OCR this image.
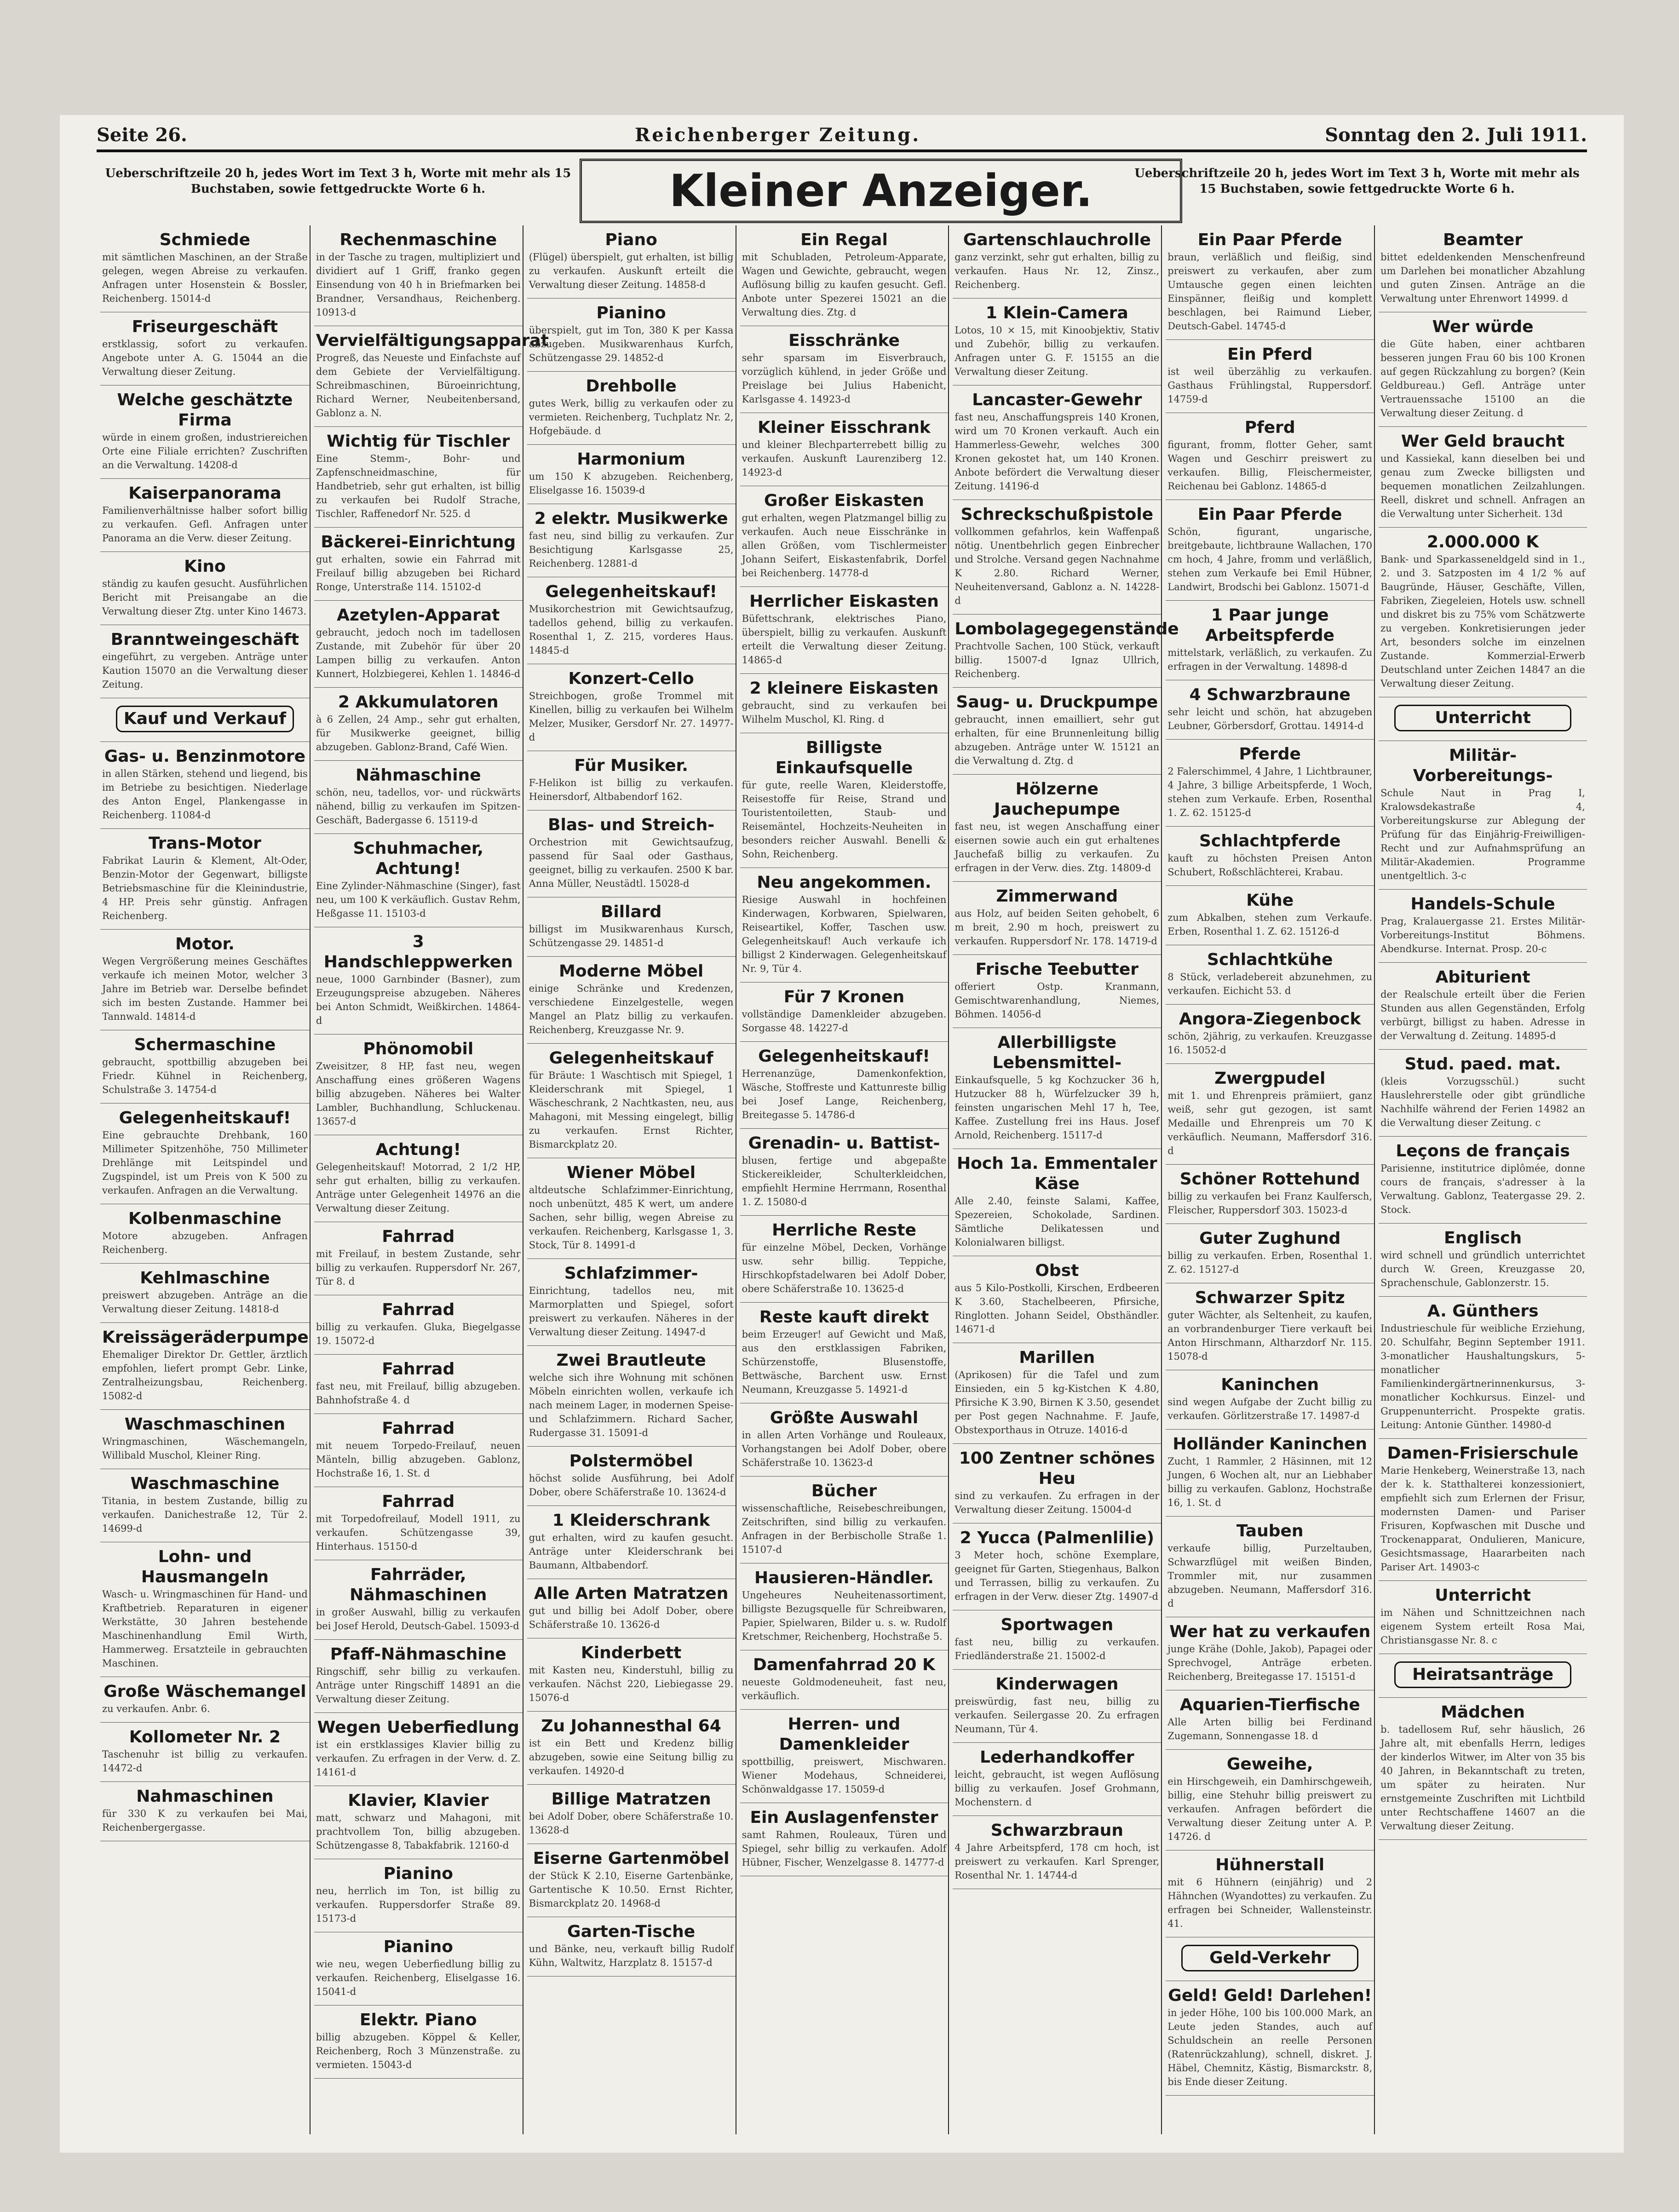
Seite 26.	Reichenberger Zeitung.	Sonntag den 2. Juli 1911.
Ueberschriftzeile 20 h, jedes Wort im Text 3 h, Worte mit mehr als 15 Buchstaben, sowie fettgedruckte Worte 6 h.	Kleiner Anzeiger.	Ueberschriftzeile 20 h, jedes Wort im Text 3 h, Worte mit mehr als 15 Buchstaben, sowie fettgedruckte Worte 6 h.
Schmiede
mit sämtlichen Maschinen, an der Straße gelegen, wegen Abreise zu verkaufen. Anfragen unter Hosenstein & Bossler, Reichenberg. 15014-d
Friseurgeschäft
erstklassig, sofort zu verkaufen. Angebote unter A. G. 15044 an die Verwaltung dieser Zeitung.
Welche geschätzte Firma
würde in einem großen, industriereichen Orte eine Filiale errichten? Zuschriften an die Verwaltung. 14208-d
Kaiserpanorama
Familienverhältnisse halber sofort billig zu verkaufen. Gefl. Anfragen unter Panorama an die Verw. dieser Zeitung.
Kino
ständig zu kaufen gesucht. Ausführlichen Bericht mit Preisangabe an die Verwaltung dieser Ztg. unter Kino 14673.
Branntweingeschäft
eingeführt, zu vergeben. Anträge unter Kaution 15070 an die Verwaltung dieser Zeitung.
Kauf und Verkauf
Gas- u. Benzinmotore
in allen Stärken, stehend und liegend, bis im Betriebe zu besichtigen. Niederlage des Anton Engel, Plankengasse in Reichenberg. 11084-d
Trans-Motor
Fabrikat Laurin & Klement, Alt-Oder, Benzin-Motor der Gegenwart, billigste Betriebsmaschine für die Kleinindustrie, 4 HP. Preis sehr günstig. Anfragen Reichenberg.
Motor.
Wegen Vergrößerung meines Geschäftes verkaufe ich meinen Motor, welcher 3 Jahre im Betrieb war. Derselbe befindet sich im besten Zustande. Hammer bei Tannwald. 14814-d
Schermaschine
gebraucht, spottbillig abzugeben bei Friedr. Kühnel in Reichenberg, Schulstraße 3. 14754-d
Gelegenheitskauf!
Eine gebrauchte Drehbank, 160 Millimeter Spitzenhöhe, 750 Millimeter Drehlänge mit Leitspindel und Zugspindel, ist um Preis von K 500 zu verkaufen. Anfragen an die Verwaltung.
Kolbenmaschine
Motore abzugeben. Anfragen Reichenberg.
Kehlmaschine
preiswert abzugeben. Anträge an die Verwaltung dieser Zeitung. 14818-d
Kreissägeräderpumpe
Ehemaliger Direktor Dr. Gettler, ärztlich empfohlen, liefert prompt Gebr. Linke, Zentralheizungsbau, Reichenberg. 15082-d
Waschmaschinen
Wringmaschinen, Wäschemangeln, Willibald Muschol, Kleiner Ring.
Waschmaschine
Titania, in bestem Zustande, billig zu verkaufen. Danichestraße 12, Tür 2. 14699-d
Lohn- und Hausmangeln
Wasch- u. Wringmaschinen für Hand- und Kraftbetrieb. Reparaturen in eigener Werkstätte, 30 Jahren bestehende Maschinenhandlung Emil Wirth, Hammerweg. Ersatzteile in gebrauchten Maschinen.
Große Wäschemangel
zu verkaufen. Anbr. 6.
Kollometer Nr. 2
Taschenuhr ist billig zu verkaufen. 14472-d
Nahmaschinen
für 330 K zu verkaufen bei Mai, Reichenbergergasse.
Rechenmaschine
in der Tasche zu tragen, multipliziert und dividiert auf 1 Griff, franko gegen Einsendung von 40 h in Briefmarken bei Brandner, Versandhaus, Reichenberg. 10913-d
Vervielfältigungsapparat
Progreß, das Neueste und Einfachste auf dem Gebiete der Vervielfältigung. Schreibmaschinen, Büroeinrichtung, Richard Werner, Neubeitenbersand, Gablonz a. N.
Wichtig für Tischler
Eine Stemm-, Bohr- und Zapfenschneidmaschine, für Handbetrieb, sehr gut erhalten, ist billig zu verkaufen bei Rudolf Strache, Tischler, Raffenedorf Nr. 525. d
Bäckerei-Einrichtung
gut erhalten, sowie ein Fahrrad mit Freilauf billig abzugeben bei Richard Ronge, Unterstraße 114. 15102-d
Azetylen-Apparat
gebraucht, jedoch noch im tadellosen Zustande, mit Zubehör für über 20 Lampen billig zu verkaufen. Anton Kunnert, Holzbiegerei, Kehlen 1. 14846-d
2 Akkumulatoren
à 6 Zellen, 24 Amp., sehr gut erhalten, für Musikwerke geeignet, billig abzugeben. Gablonz-Brand, Café Wien.
Nähmaschine
schön, neu, tadellos, vor- und rückwärts nähend, billig zu verkaufen im Spitzen-Geschäft, Badergasse 6. 15119-d
Schuhmacher, Achtung!
Eine Zylinder-Nähmaschine (Singer), fast neu, um 100 K verkäuflich. Gustav Rehm, Heßgasse 11. 15103-d
3 Handschleppwerken
neue, 1000 Garnbinder (Basner), zum Erzeugungspreise abzugeben. Näheres bei Anton Schmidt, Weißkirchen. 14864-d
Phönomobil
Zweisitzer, 8 HP, fast neu, wegen Anschaffung eines größeren Wagens billig abzugeben. Näheres bei Walter Lambler, Buchhandlung, Schluckenau. 13657-d
Achtung!
Gelegenheitskauf! Motorrad, 2 1/2 HP, sehr gut erhalten, billig zu verkaufen. Anträge unter Gelegenheit 14976 an die Verwaltung dieser Zeitung.
Fahrrad
mit Freilauf, in bestem Zustande, sehr billig zu verkaufen. Ruppersdorf Nr. 267, Tür 8. d
Fahrrad
billig zu verkaufen. Gluka, Biegelgasse 19. 15072-d
Fahrrad
fast neu, mit Freilauf, billig abzugeben. Bahnhofstraße 4. d
Fahrrad
mit neuem Torpedo-Freilauf, neuen Mänteln, billig abzugeben. Gablonz, Hochstraße 16, 1. St. d
Fahrrad
mit Torpedofreilauf, Modell 1911, zu verkaufen. Schützengasse 39, Hinterhaus. 15150-d
Fahrräder, Nähmaschinen
in großer Auswahl, billig zu verkaufen bei Josef Herold, Deutsch-Gabel. 15093-d
Pfaff-Nähmaschine
Ringschiff, sehr billig zu verkaufen. Anträge unter Ringschiff 14891 an die Verwaltung dieser Zeitung.
Wegen Ueberfiedlung
ist ein erstklassiges Klavier billig zu verkaufen. Zu erfragen in der Verw. d. Z. 14161-d
Klavier, Klavier
matt, schwarz und Mahagoni, mit prachtvollem Ton, billig abzugeben. Schützengasse 8, Tabakfabrik. 12160-d
Pianino
neu, herrlich im Ton, ist billig zu verkaufen. Ruppersdorfer Straße 89. 15173-d
Pianino
wie neu, wegen Ueberfiedlung billig zu verkaufen. Reichenberg, Eliselgasse 16. 15041-d
Elektr. Piano
billig abzugeben. Köppel & Keller, Reichenberg, Roch 3 Münzenstraße. zu vermieten. 15043-d
Piano
(Flügel) überspielt, gut erhalten, ist billig zu verkaufen. Auskunft erteilt die Verwaltung dieser Zeitung. 14858-d
Pianino
überspielt, gut im Ton, 380 K per Kassa abzugeben. Musikwarenhaus Kurfch, Schützengasse 29. 14852-d
Drehbolle
gutes Werk, billig zu verkaufen oder zu vermieten. Reichenberg, Tuchplatz Nr. 2, Hofgebäude. d
Harmonium
um 150 K abzugeben. Reichenberg, Eliselgasse 16. 15039-d
2 elektr. Musikwerke
fast neu, sind billig zu verkaufen. Zur Besichtigung Karlsgasse 25, Reichenberg. 12881-d
Gelegenheitskauf!
Musikorchestrion mit Gewichtsaufzug, tadellos gehend, billig zu verkaufen. Rosenthal 1, Z. 215, vorderes Haus. 14845-d
Konzert-Cello
Streichbogen, große Trommel mit Kinellen, billig zu verkaufen bei Wilhelm Melzer, Musiker, Gersdorf Nr. 27. 14977-d
Für Musiker.
F-Helikon ist billig zu verkaufen. Heinersdorf, Altbabendorf 162.
Blas- und Streich-
Orchestrion mit Gewichtsaufzug, passend für Saal oder Gasthaus, geeignet, billig zu verkaufen. 2500 K bar. Anna Müller, Neustädtl. 15028-d
Billard
billigst im Musikwarenhaus Kursch, Schützengasse 29. 14851-d
Moderne Möbel
einige Schränke und Kredenzen, verschiedene Einzelgestelle, wegen Mangel an Platz billig zu verkaufen. Reichenberg, Kreuzgasse Nr. 9.
Gelegenheitskauf
für Bräute: 1 Waschtisch mit Spiegel, 1 Kleiderschrank mit Spiegel, 1 Wäscheschrank, 2 Nachtkasten, neu, aus Mahagoni, mit Messing eingelegt, billig zu verkaufen. Ernst Richter, Bismarckplatz 20.
Wiener Möbel
altdeutsche Schlafzimmer-Einrichtung, noch unbenützt, 485 K wert, um andere Sachen, sehr billig, wegen Abreise zu verkaufen. Reichenberg, Karlsgasse 1, 3. Stock, Tür 8. 14991-d
Schlafzimmer-
Einrichtung, tadellos neu, mit Marmorplatten und Spiegel, sofort preiswert zu verkaufen. Näheres in der Verwaltung dieser Zeitung. 14947-d
Zwei Brautleute
welche sich ihre Wohnung mit schönen Möbeln einrichten wollen, verkaufe ich nach meinem Lager, in modernen Speise- und Schlafzimmern. Richard Sacher, Rudergasse 31. 15091-d
Polstermöbel
höchst solide Ausführung, bei Adolf Dober, obere Schäferstraße 10. 13624-d
1 Kleiderschrank
gut erhalten, wird zu kaufen gesucht. Anträge unter Kleiderschrank bei Baumann, Altbabendorf.
Alle Arten Matratzen
gut und billig bei Adolf Dober, obere Schäferstraße 10. 13626-d
Kinderbett
mit Kasten neu, Kinderstuhl, billig zu verkaufen. Nächst 220, Liebiegasse 29. 15076-d
Zu Johannesthal 64
ist ein Bett und Kredenz billig abzugeben, sowie eine Seitung billig zu verkaufen. 14920-d
Billige Matratzen
bei Adolf Dober, obere Schäferstraße 10. 13628-d
Eiserne Gartenmöbel
der Stück K 2.10, Eiserne Gartenbänke, Gartentische K 10.50. Ernst Richter, Bismarckplatz 20. 14968-d
Garten-Tische
und Bänke, neu, verkauft billig Rudolf Kühn, Waltwitz, Harzplatz 8. 15157-d
Ein Regal
mit Schubladen, Petroleum-Apparate, Wagen und Gewichte, gebraucht, wegen Auflösung billig zu kaufen gesucht. Gefl. Anbote unter Spezerei 15021 an die Verwaltung dies. Ztg. d
Eisschränke
sehr sparsam im Eisverbrauch, vorzüglich kühlend, in jeder Größe und Preislage bei Julius Habenicht, Karlsgasse 4. 14923-d
Kleiner Eisschrank
und kleiner Blechparterrebett billig zu verkaufen. Auskunft Laurenziberg 12. 14923-d
Großer Eiskasten
gut erhalten, wegen Platzmangel billig zu verkaufen. Auch neue Eisschränke in allen Größen, vom Tischlermeister Johann Seifert, Eiskastenfabrik, Dorfel bei Reichenberg. 14778-d
Herrlicher Eiskasten
Büfettschrank, elektrisches Piano, überspielt, billig zu verkaufen. Auskunft erteilt die Verwaltung dieser Zeitung. 14865-d
2 kleinere Eiskasten
gebraucht, sind zu verkaufen bei Wilhelm Muschol, Kl. Ring. d
Billigste Einkaufsquelle
für gute, reelle Waren, Kleiderstoffe, Reisestoffe für Reise, Strand und Touristentoiletten, Staub- und Reisemäntel, Hochzeits-Neuheiten in besonders reicher Auswahl. Benelli & Sohn, Reichenberg.
Neu angekommen.
Riesige Auswahl in hochfeinen Kinderwagen, Korbwaren, Spielwaren, Reiseartikel, Koffer, Taschen usw. Gelegenheitskauf! Auch verkaufe ich billigst 2 Kinderwagen. Gelegenheitskauf Nr. 9, Tür 4.
Für 7 Kronen
vollständige Damenkleider abzugeben. Sorgasse 48. 14227-d
Gelegenheitskauf!
Herrenanzüge, Damenkonfektion, Wäsche, Stoffreste und Kattunreste billig bei Josef Lange, Reichenberg, Breitegasse 5. 14786-d
Grenadin- u. Battist-
blusen, fertige und abgepaßte Stickereikleider, Schulterkleidchen, empfiehlt Hermine Herrmann, Rosenthal 1. Z. 15080-d
Herrliche Reste
für einzelne Möbel, Decken, Vorhänge usw. sehr billig. Teppiche, Hirschkopfstadelwaren bei Adolf Dober, obere Schäferstraße 10. 13625-d
Reste kauft direkt
beim Erzeuger! auf Gewicht und Maß, aus den erstklassigen Fabriken, Schürzenstoffe, Blusenstoffe, Bettwäsche, Barchent usw. Ernst Neumann, Kreuzgasse 5. 14921-d
Größte Auswahl
in allen Arten Vorhänge und Rouleaux, Vorhangstangen bei Adolf Dober, obere Schäferstraße 10. 13623-d
Bücher
wissenschaftliche, Reisebeschreibungen, Zeitschriften, sind billig zu verkaufen. Anfragen in der Berbischolle Straße 1. 15107-d
Hausieren-Händler.
Ungeheures Neuheitenassortiment, billigste Bezugsquelle für Schreibwaren, Papier, Spielwaren, Bilder u. s. w. Rudolf Kretschmer, Reichenberg, Hochstraße 5.
Damenfahrrad 20 K
neueste Goldmodeneuheit, fast neu, verkäuflich.
Herren- und Damenkleider
spottbillig, preiswert, Mischwaren. Wiener Modehaus, Schneiderei, Schönwaldgasse 17. 15059-d
Ein Auslagenfenster
samt Rahmen, Rouleaux, Türen und Spiegel, sehr billig zu verkaufen. Adolf Hübner, Fischer, Wenzelgasse 8. 14777-d
Gartenschlauchrolle
ganz verzinkt, sehr gut erhalten, billig zu verkaufen. Haus Nr. 12, Zinsz., Reichenberg.
1 Klein-Camera
Lotos, 10 × 15, mit Kinoobjektiv, Stativ und Zubehör, billig zu verkaufen. Anfragen unter G. F. 15155 an die Verwaltung dieser Zeitung.
Lancaster-Gewehr
fast neu, Anschaffungspreis 140 Kronen, wird um 70 Kronen verkauft. Auch ein Hammerless-Gewehr, welches 300 Kronen gekostet hat, um 140 Kronen. Anbote befördert die Verwaltung dieser Zeitung. 14196-d
Schreckschußpistole
vollkommen gefahrlos, kein Waffenpaß nötig. Unentbehrlich gegen Einbrecher und Strolche. Versand gegen Nachnahme K 2.80. Richard Werner, Neuheitenversand, Gablonz a. N. 14228-d
Lombolagegegenstände
Prachtvolle Sachen, 100 Stück, verkauft billig. 15007-d Ignaz Ullrich, Reichenberg.
Saug- u. Druckpumpe
gebraucht, innen emailliert, sehr gut erhalten, für eine Brunnenleitung billig abzugeben. Anträge unter W. 15121 an die Verwaltung d. Ztg. d
Hölzerne Jauchepumpe
fast neu, ist wegen Anschaffung einer eisernen sowie auch ein gut erhaltenes Jauchefaß billig zu verkaufen. Zu erfragen in der Verw. dies. Ztg. 14809-d
Zimmerwand
aus Holz, auf beiden Seiten gehobelt, 6 m breit, 2.90 m hoch, preiswert zu verkaufen. Ruppersdorf Nr. 178. 14719-d
Frische Teebutter
offeriert Ostp. Kranmann, Gemischtwarenhandlung, Niemes, Böhmen. 14056-d
Allerbilligste Lebensmittel-
Einkaufsquelle, 5 kg Kochzucker 36 h, Hutzucker 88 h, Würfelzucker 39 h, feinsten ungarischen Mehl 17 h, Tee, Kaffee. Zustellung frei ins Haus. Josef Arnold, Reichenberg. 15117-d
Hoch 1a. Emmentaler Käse
Alle 2.40, feinste Salami, Kaffee, Spezereien, Schokolade, Sardinen. Sämtliche Delikatessen und Kolonialwaren billigst.
Obst
aus 5 Kilo-Postkolli, Kirschen, Erdbeeren K 3.60, Stachelbeeren, Pfirsiche, Ringlotten. Johann Seidel, Obsthändler. 14671-d
Marillen
(Aprikosen) für die Tafel und zum Einsieden, ein 5 kg-Kistchen K 4.80, Pfirsiche K 3.90, Birnen K 3.50, gesendet per Post gegen Nachnahme. F. Jaufe, Obstexporthaus in Otruze. 14016-d
100 Zentner schönes Heu
sind zu verkaufen. Zu erfragen in der Verwaltung dieser Zeitung. 15004-d
2 Yucca (Palmenlilie)
3 Meter hoch, schöne Exemplare, geeignet für Garten, Stiegenhaus, Balkon und Terrassen, billig zu verkaufen. Zu erfragen in der Verw. dieser Ztg. 14907-d
Sportwagen
fast neu, billig zu verkaufen. Friedländerstraße 21. 15002-d
Kinderwagen
preiswürdig, fast neu, billig zu verkaufen. Seilergasse 20. Zu erfragen Neumann, Tür 4.
Lederhandkoffer
leicht, gebraucht, ist wegen Auflösung billig zu verkaufen. Josef Grohmann, Mochenstern. d
Schwarzbraun
4 Jahre Arbeitspferd, 178 cm hoch, ist preiswert zu verkaufen. Karl Sprenger, Rosenthal Nr. 1. 14744-d
Ein Paar Pferde
braun, verläßlich und fleißig, sind preiswert zu verkaufen, aber zum Umtausche gegen einen leichten Einspänner, fleißig und komplett beschlagen, bei Raimund Lieber, Deutsch-Gabel. 14745-d
Ein Pferd
ist weil überzählig zu verkaufen. Gasthaus Frühlingstal, Ruppersdorf. 14759-d
Pferd
figurant, fromm, flotter Geher, samt Wagen und Geschirr preiswert zu verkaufen. Billig, Fleischermeister, Reichenau bei Gablonz. 14865-d
Ein Paar Pferde
Schön, figurant, ungarische, breitgebaute, lichtbraune Wallachen, 170 cm hoch, 4 Jahre, fromm und verläßlich, stehen zum Verkaufe bei Emil Hübner, Landwirt, Brodschi bei Gablonz. 15071-d
1 Paar junge Arbeitspferde
mittelstark, verläßlich, zu verkaufen. Zu erfragen in der Verwaltung. 14898-d
4 Schwarzbraune
sehr leicht und schön, hat abzugeben Leubner, Görbersdorf, Grottau. 14914-d
Pferde
2 Falerschimmel, 4 Jahre, 1 Lichtbrauner, 4 Jahre, 3 billige Arbeitspferde, 1 Woch, stehen zum Verkaufe. Erben, Rosenthal 1. Z. 62. 15125-d
Schlachtpferde
kauft zu höchsten Preisen Anton Schubert, Roßschlächterei, Krabau.
Kühe
zum Abkalben, stehen zum Verkaufe. Erben, Rosenthal 1. Z. 62. 15126-d
Schlachtkühe
8 Stück, verladebereit abzunehmen, zu verkaufen. Eichicht 53. d
Angora-Ziegenbock
schön, 2jährig, zu verkaufen. Kreuzgasse 16. 15052-d
Zwergpudel
mit 1. und Ehrenpreis prämiiert, ganz weiß, sehr gut gezogen, ist samt Medaille und Ehrenpreis um 70 K verkäuflich. Neumann, Maffersdorf 316. d
Schöner Rottehund
billig zu verkaufen bei Franz Kaulfersch, Fleischer, Ruppersdorf 303. 15023-d
Guter Zughund
billig zu verkaufen. Erben, Rosenthal 1. Z. 62. 15127-d
Schwarzer Spitz
guter Wächter, als Seltenheit, zu kaufen, an vorbrandenburger Tiere verkauft bei Anton Hirschmann, Altharzdorf Nr. 115. 15078-d
Kaninchen
sind wegen Aufgabe der Zucht billig zu verkaufen. Görlitzerstraße 17. 14987-d
Holländer Kaninchen
Zucht, 1 Rammler, 2 Häsinnen, mit 12 Jungen, 6 Wochen alt, nur an Liebhaber billig zu verkaufen. Gablonz, Hochstraße 16, 1. St. d
Tauben
verkaufe billig, Purzeltauben, Schwarzflügel mit weißen Binden, Trommler mit, nur zusammen abzugeben. Neumann, Maffersdorf 316. d
Wer hat zu verkaufen
junge Krähe (Dohle, Jakob), Papagei oder Sprechvogel, Anträge erbeten. Reichenberg, Breitegasse 17. 15151-d
Aquarien-Tierfische
Alle Arten billig bei Ferdinand Zugemann, Sonnengasse 18. d
Geweihe,
ein Hirschgeweih, ein Damhirschgeweih, billig, eine Stehuhr billig preiswert zu verkaufen. Anfragen befördert die Verwaltung dieser Zeitung unter A. P. 14726. d
Hühnerstall
mit 6 Hühnern (einjährig) und 2 Hähnchen (Wyandottes) zu verkaufen. Zu erfragen bei Schneider, Wallensteinstr. 41.
Geld-Verkehr
Geld! Geld! Darlehen!
in jeder Höhe, 100 bis 100.000 Mark, an Leute jeden Standes, auch auf Schuldschein an reelle Personen (Ratenrückzahlung), schnell, diskret. J. Häbel, Chemnitz, Kästig, Bismarckstr. 8, bis Ende dieser Zeitung.
Beamter
bittet edeldenkenden Menschenfreund um Darlehen bei monatlicher Abzahlung und guten Zinsen. Anträge an die Verwaltung unter Ehrenwort 14999. d
Wer würde
die Güte haben, einer achtbaren besseren jungen Frau 60 bis 100 Kronen auf gegen Rückzahlung zu borgen? (Kein Geldbureau.) Gefl. Anträge unter Vertrauenssache 15100 an die Verwaltung dieser Zeitung. d
Wer Geld braucht
und Kassiekal, kann dieselben bei und genau zum Zwecke billigsten und bequemen monatlichen Zeilzahlungen. Reell, diskret und schnell. Anfragen an die Verwaltung unter Sicherheit. 13d
2.000.000 K
Bank- und Sparkasseneldgeld sind in 1., 2. und 3. Satzposten im 4 1/2 % auf Baugründe, Häuser, Geschäfte, Villen, Fabriken, Ziegeleien, Hotels usw. schnell und diskret bis zu 75% vom Schätzwerte zu vergeben. Konkretisierungen jeder Art, besonders solche im einzelnen Zustande. Kommerzial-Erwerb Deutschland unter Zeichen 14847 an die Verwaltung dieser Zeitung.
Unterricht
Militär-Vorbereitungs-
Schule Naut in Prag I, Kralowsdekastraße 4, Vorbereitungskurse zur Ablegung der Prüfung für das Einjährig-Freiwilligen-Recht und zur Aufnahmsprüfung an Militär-Akademien. Programme unentgeltlich. 3-c
Handels-Schule
Prag, Kralauergasse 21. Erstes Militär-Vorbereitungs-Institut Böhmens. Abendkurse. Internat. Prosp. 20-c
Abiturient
der Realschule erteilt über die Ferien Stunden aus allen Gegenständen, Erfolg verbürgt, billigst zu haben. Adresse in der Verwaltung d. Zeitung. 14895-d
Stud. paed. mat.
(kleis Vorzugsschül.) sucht Hauslehrerstelle oder gibt gründliche Nachhilfe während der Ferien 14982 an die Verwaltung dieser Zeitung. c
Leçons de français
Parisienne, institutrice diplômée, donne cours de français, s'adresser à la Verwaltung. Gablonz, Teatergasse 29. 2. Stock.
Englisch
wird schnell und gründlich unterrichtet durch W. Green, Kreuzgasse 20, Sprachenschule, Gablonzerstr. 15.
A. Günthers
Industrieschule für weibliche Erziehung, 20. Schulfahr, Beginn September 1911. 3-monatlicher Haushaltungskurs, 5-monatlicher Familienkindergärtnerinnenkursus, 3-monatlicher Kochkursus. Einzel- und Gruppenunterricht. Prospekte gratis. Leitung: Antonie Günther. 14980-d
Damen-Frisierschule
Marie Henkeberg, Weinerstraße 13, nach der k. k. Statthalterei konzessioniert, empfiehlt sich zum Erlernen der Frisur, modernsten Damen- und Pariser Frisuren, Kopfwaschen mit Dusche und Trockenapparat, Ondulieren, Manicure, Gesichtsmassage, Haararbeiten nach Pariser Art. 14903-c
Unterricht
im Nähen und Schnittzeichnen nach eigenem System erteilt Rosa Mai, Christiansgasse Nr. 8. c
Heiratsanträge
Mädchen
b. tadellosem Ruf, sehr häuslich, 26 Jahre alt, mit ebenfalls Herrn, lediges der kinderlos Witwer, im Alter von 35 bis 40 Jahren, in Bekanntschaft zu treten, um später zu heiraten. Nur ernstgemeinte Zuschriften mit Lichtbild unter Rechtschaffene 14607 an die Verwaltung dieser Zeitung.
